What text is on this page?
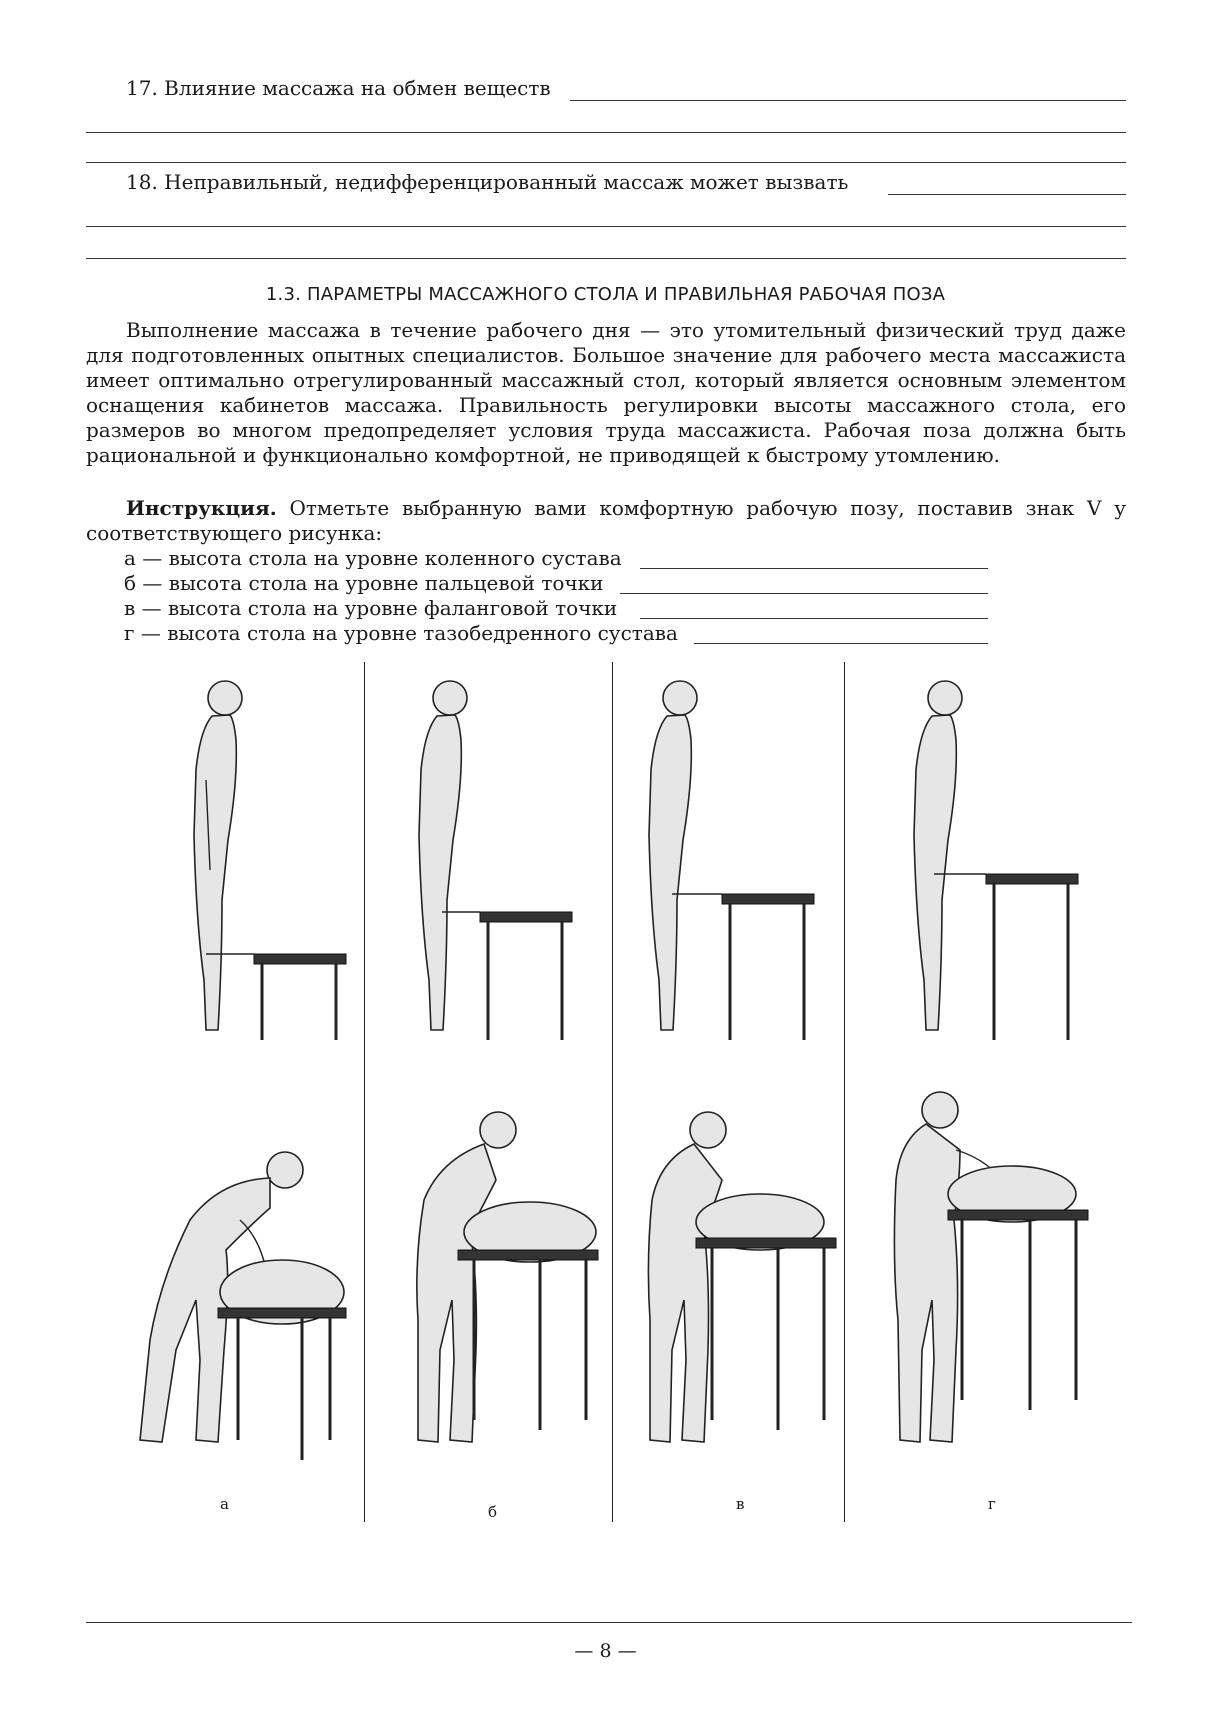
17. Влияние массажа на обмен веществ
18. Неправильный, недифференцированный массаж может вызвать
1.3. ПАРАМЕТРЫ МАССАЖНОГО СТОЛА И ПРАВИЛЬНАЯ РАБОЧАЯ ПОЗА

Выполнение массажа в течение рабочего дня — это утомительный физический труд даже для подготовленных опытных специалистов. Большое значение для рабочего места массажиста имеет оптимально отрегулированный массажный стол, который является основным элементом оснащения кабинетов массажа. Правильность регулировки высоты массажного стола, его размеров во многом предопределяет условия труда массажиста. Рабочая поза должна быть рациональной и функционально комфортной, не приводящей к быстрому утомлению.

Инструкция. Отметьте выбранную вами комфортную рабочую позу, поставив знак V у соответствующего рисунка:

а — высота стола на уровне коленного сустава
б — высота стола на уровне пальцевой точки
в — высота стола на уровне фаланговой точки
г — высота стола на уровне тазобедренного сустава
а	б	в	г
— 8 —
